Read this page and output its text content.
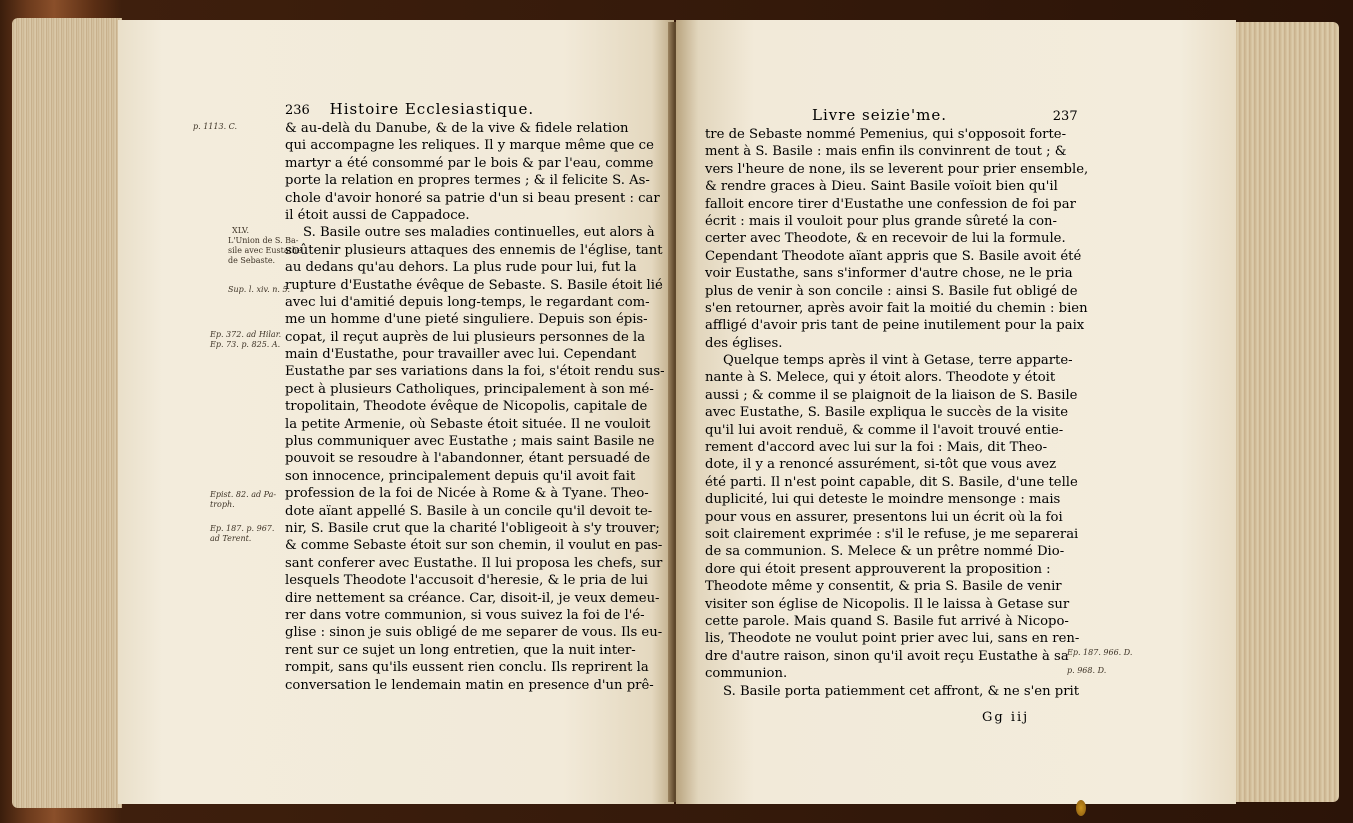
236 Histoire Ecclesiastique.
p. 1113. C.
XLV.
L'Union de S. Ba-
sile avec Eustathe
de Sebaste.
Sup. l. xiv. n. 5.
Ep. 372. ad Hilar.
Ep. 73. p. 825. A.
Epist. 82. ad Pa-
troph.
Ep. 187. p. 967.
ad Terent.
& au-delà du Danube, & de la vive & fidele relation
qui accompagne les reliques. Il y marque même que ce
martyr a été consommé par le bois & par l'eau, comme
porte la relation en propres termes ; & il felicite S. As-
chole d'avoir honoré sa patrie d'un si beau present : car
il étoit aussi de Cappadoce.
S. Basile outre ses maladies continuelles, eut alors à
soûtenir plusieurs attaques des ennemis de l'église, tant
au dedans qu'au dehors. La plus rude pour lui, fut la
rupture d'Eustathe évêque de Sebaste. S. Basile étoit lié
avec lui d'amitié depuis long-temps, le regardant com-
me un homme d'une pieté singuliere. Depuis son épis-
copat, il reçut auprès de lui plusieurs personnes de la
main d'Eustathe, pour travailler avec lui. Cependant
Eustathe par ses variations dans la foi, s'étoit rendu sus-
pect à plusieurs Catholiques, principalement à son mé-
tropolitain, Theodote évêque de Nicopolis, capitale de
la petite Armenie, où Sebaste étoit située. Il ne vouloit
plus communiquer avec Eustathe ; mais saint Basile ne
pouvoit se resoudre à l'abandonner, étant persuadé de
son innocence, principalement depuis qu'il avoit fait
profession de la foi de Nicée à Rome & à Tyane. Theo-
dote aïant appellé S. Basile à un concile qu'il devoit te-
nir, S. Basile crut que la charité l'obligeoit à s'y trouver;
& comme Sebaste étoit sur son chemin, il voulut en pas-
sant conferer avec Eustathe. Il lui proposa les chefs, sur
lesquels Theodote l'accusoit d'heresie, & le pria de lui
dire nettement sa créance. Car, disoit-il, je veux demeu-
rer dans votre communion, si vous suivez la foi de l'é-
glise : sinon je suis obligé de me separer de vous. Ils eu-
rent sur ce sujet un long entretien, que la nuit inter-
rompit, sans qu'ils eussent rien conclu. Ils reprirent la
conversation le lendemain matin en presence d'un prê-
Livre seizie'me.	237
tre de Sebaste nommé Pemenius, qui s'opposoit forte-
ment à S. Basile : mais enfin ils convinrent de tout ; &
vers l'heure de none, ils se leverent pour prier ensemble,
& rendre graces à Dieu. Saint Basile voïoit bien qu'il
falloit encore tirer d'Eustathe une confession de foi par
écrit : mais il vouloit pour plus grande sûreté la con-
certer avec Theodote, & en recevoir de lui la formule.
Cependant Theodote aïant appris que S. Basile avoit été
voir Eustathe, sans s'informer d'autre chose, ne le pria
plus de venir à son concile : ainsi S. Basile fut obligé de
s'en retourner, après avoir fait la moitié du chemin : bien
affligé d'avoir pris tant de peine inutilement pour la paix
des églises.
Quelque temps après il vint à Getase, terre apparte-
nante à S. Melece, qui y étoit alors. Theodote y étoit
aussi ; & comme il se plaignoit de la liaison de S. Basile
avec Eustathe, S. Basile expliqua le succès de la visite
qu'il lui avoit renduë, & comme il l'avoit trouvé entie-
rement d'accord avec lui sur la foi : Mais, dit Theo-
dote, il y a renoncé assurément, si-tôt que vous avez
été parti. Il n'est point capable, dit S. Basile, d'une telle
duplicité, lui qui deteste le moindre mensonge : mais
pour vous en assurer, presentons lui un écrit où la foi
soit clairement exprimée : s'il le refuse, je me separerai
de sa communion. S. Melece & un prêtre nommé Dio-
dore qui étoit present approuverent la proposition :
Theodote même y consentit, & pria S. Basile de venir
visiter son église de Nicopolis. Il le laissa à Getase sur
cette parole. Mais quand S. Basile fut arrivé à Nicopo-
lis, Theodote ne voulut point prier avec lui, sans en ren-
dre d'autre raison, sinon qu'il avoit reçu Eustathe à sa
communion.
S. Basile porta patiemment cet affront, & ne s'en prit
Ep. 187. 966. D.
p. 968. D.
Gg iij
